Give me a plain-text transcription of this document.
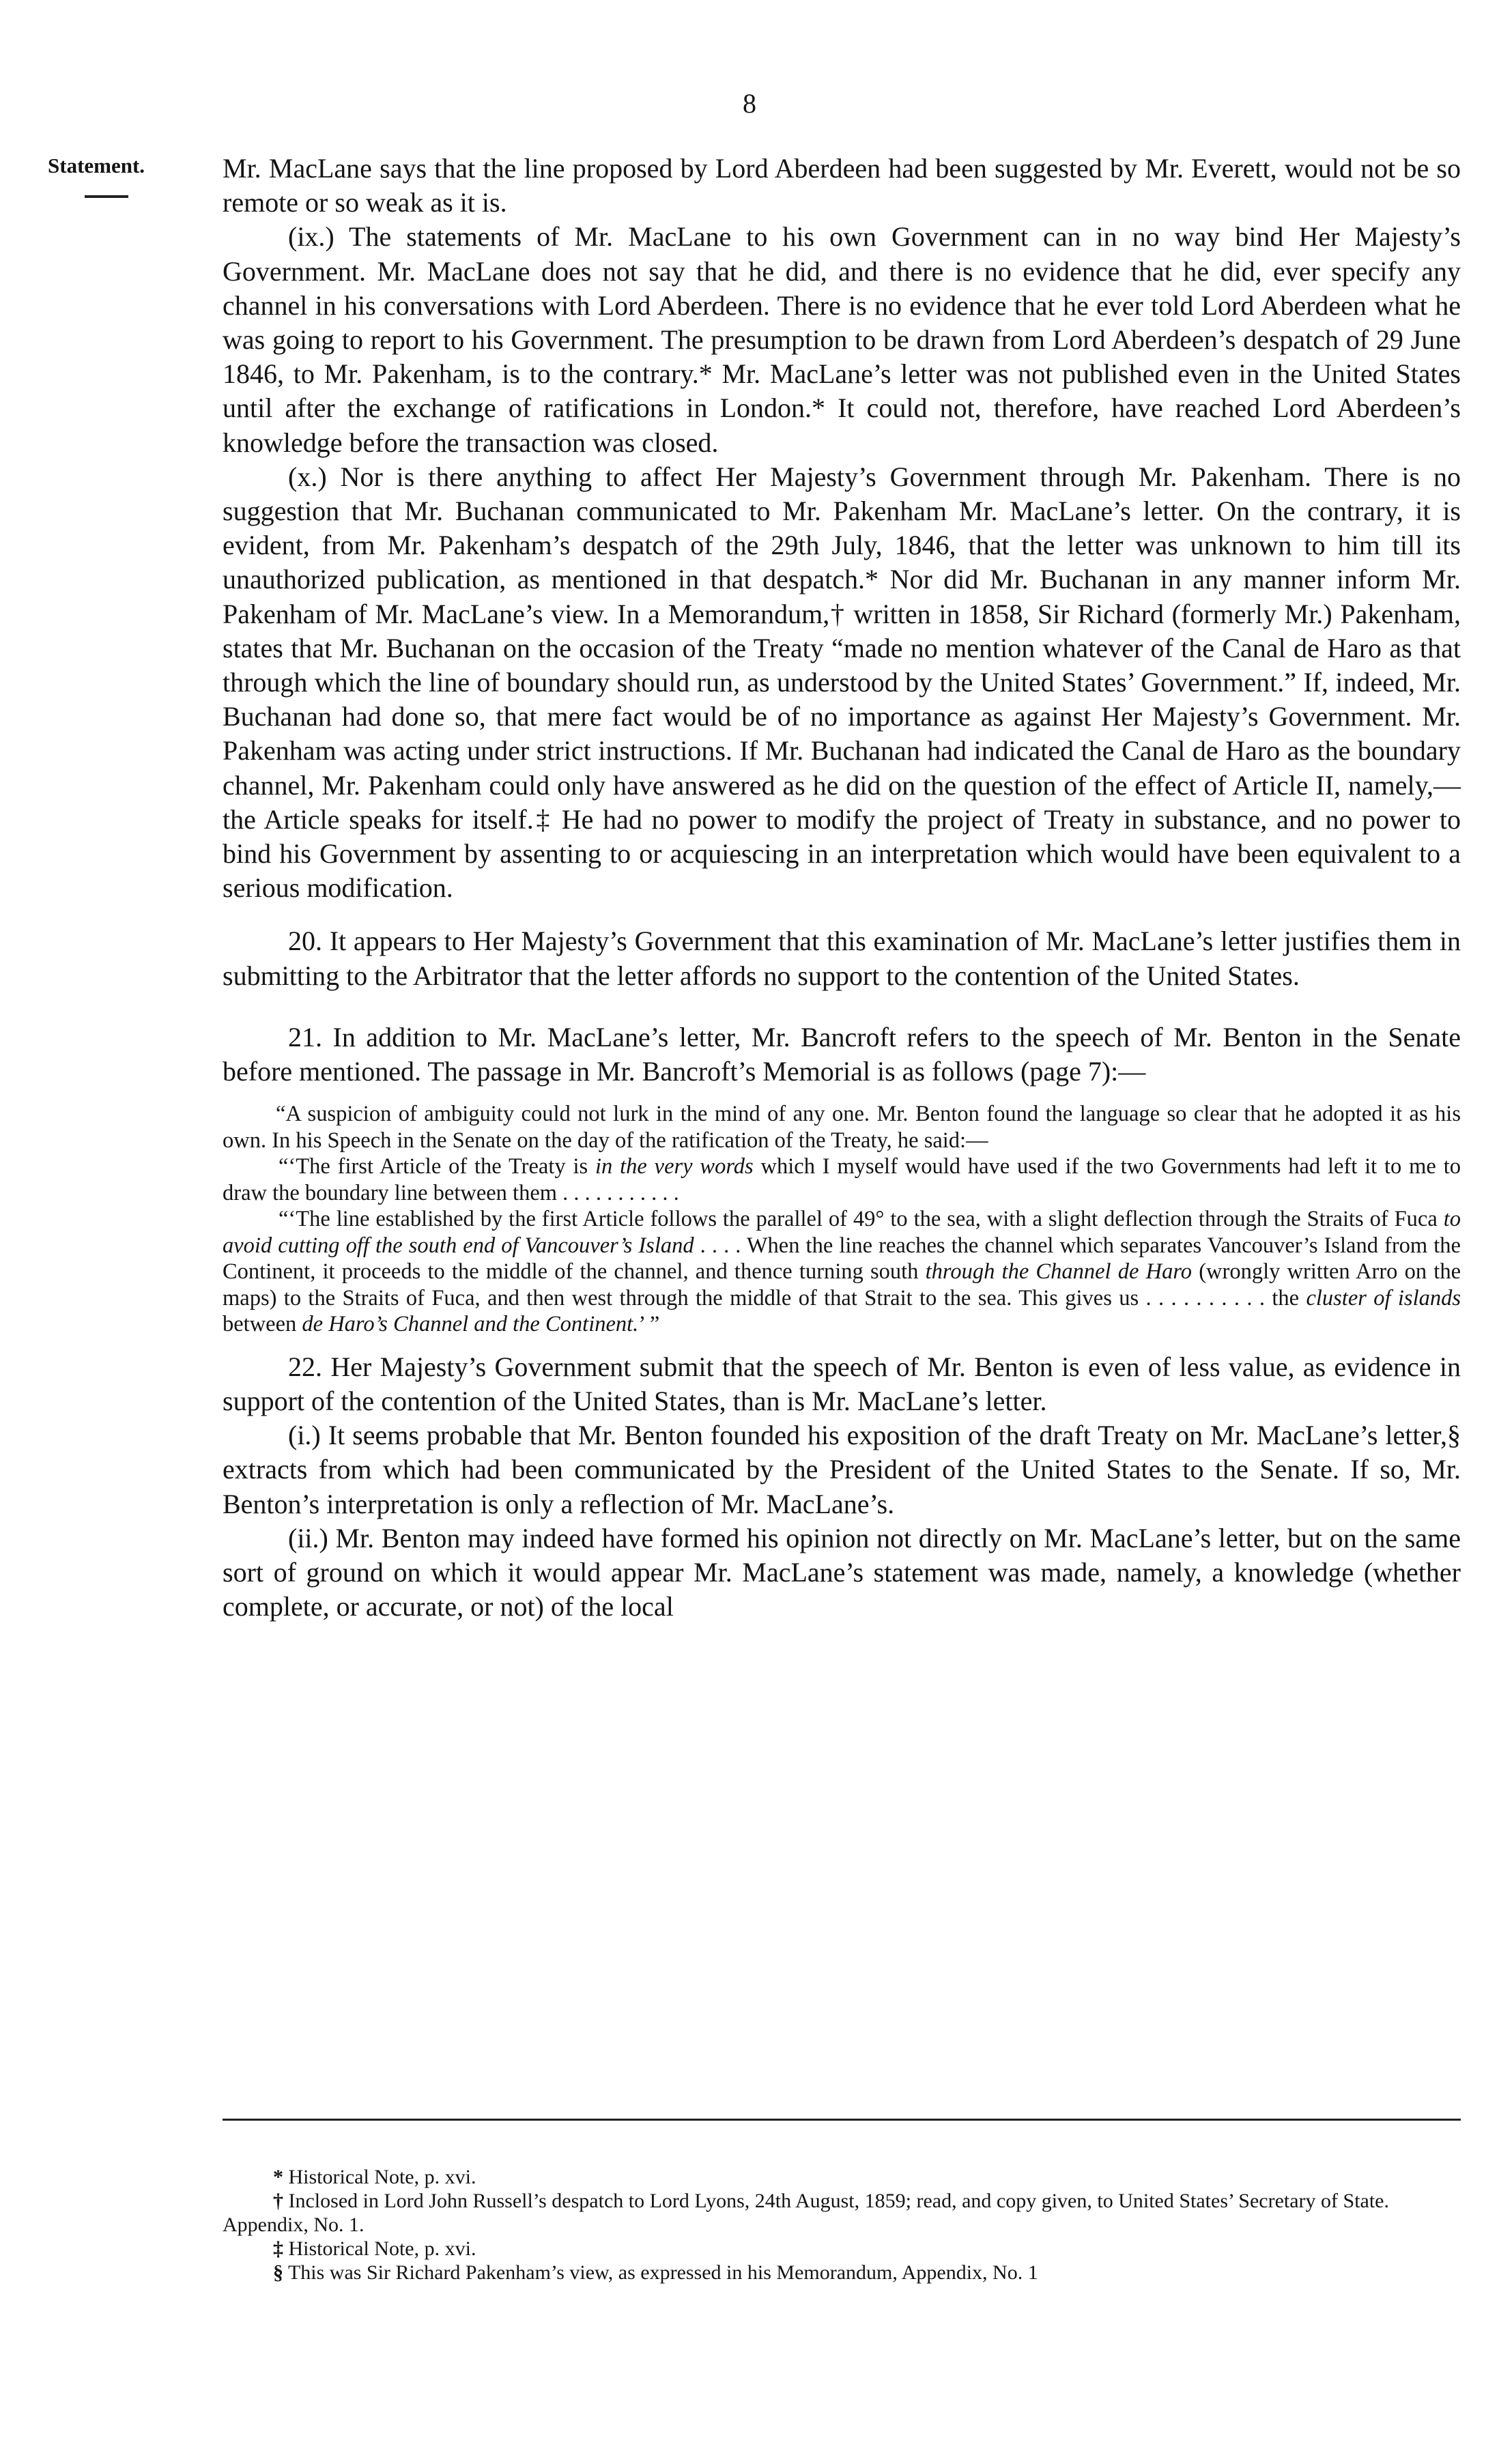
8
Statement.	Mr. MacLane says that the line proposed by Lord Aberdeen had been suggested by Mr. Everett, would not be so remote or so weak as it is.

(ix.) The statements of Mr. MacLane to his own Government can in no way bind Her Majesty’s Government. Mr. MacLane does not say that he did, and there is no evidence that he did, ever specify any channel in his conversations with Lord Aberdeen. There is no evidence that he ever told Lord Aberdeen what he was going to report to his Government. The presumption to be drawn from Lord Aberdeen’s despatch of 29 June 1846, to Mr. Pakenham, is to the contrary.* Mr. MacLane’s letter was not published even in the United States until after the exchange of ratifications in London.* It could not, therefore, have reached Lord Aberdeen’s knowledge before the transaction was closed.

(x.) Nor is there anything to affect Her Majesty’s Government through Mr. Pakenham. There is no suggestion that Mr. Buchanan communicated to Mr. Pakenham Mr. MacLane’s letter. On the contrary, it is evident, from Mr. Pakenham’s despatch of the 29th July, 1846, that the letter was unknown to him till its unauthorized publication, as mentioned in that despatch.* Nor did Mr. Buchanan in any manner inform Mr. Pakenham of Mr. MacLane’s view. In a Memorandum,† written in 1858, Sir Richard (formerly Mr.) Pakenham, states that Mr. Buchanan on the occasion of the Treaty “made no mention whatever of the Canal de Haro as that through which the line of boundary should run, as understood by the United States’ Government.” If, indeed, Mr. Buchanan had done so, that mere fact would be of no importance as against Her Majesty’s Government. Mr. Pakenham was acting under strict instructions. If Mr. Buchanan had indicated the Canal de Haro as the boundary channel, Mr. Pakenham could only have answered as he did on the question of the effect of Article II, namely,—the Article speaks for itself.‡ He had no power to modify the project of Treaty in substance, and no power to bind his Government by assenting to or acquiescing in an interpretation which would have been equivalent to a serious modification.

20. It appears to Her Majesty’s Government that this examination of Mr. MacLane’s letter justifies them in submitting to the Arbitrator that the letter affords no support to the contention of the United States.

21. In addition to Mr. MacLane’s letter, Mr. Bancroft refers to the speech of Mr. Benton in the Senate before mentioned. The passage in Mr. Bancroft’s Memorial is as follows (page 7):—

“A suspicion of ambiguity could not lurk in the mind of any one. Mr. Benton found the language so clear that he adopted it as his own. In his Speech in the Senate on the day of the ratification of the Treaty, he said:—

“‘The first Article of the Treaty is in the very words which I myself would have used if the two Governments had left it to me to draw the boundary line between them . . . . . . . . . . .

“‘The line established by the first Article follows the parallel of 49° to the sea, with a slight deflection through the Straits of Fuca to avoid cutting off the south end of Vancouver’s Island . . . . When the line reaches the channel which separates Vancouver’s Island from the Continent, it proceeds to the middle of the channel, and thence turning south through the Channel de Haro (wrongly written Arro on the maps) to the Straits of Fuca, and then west through the middle of that Strait to the sea. This gives us . . . . . . . . . . the cluster of islands between de Haro’s Channel and the Continent.’ ”

22. Her Majesty’s Government submit that the speech of Mr. Benton is even of less value, as evidence in support of the contention of the United States, than is Mr. MacLane’s letter.

(i.) It seems probable that Mr. Benton founded his exposition of the draft Treaty on Mr. MacLane’s letter,§ extracts from which had been communicated by the President of the United States to the Senate. If so, Mr. Benton’s interpretation is only a reflection of Mr. MacLane’s.

(ii.) Mr. Benton may indeed have formed his opinion not directly on Mr. MacLane’s letter, but on the same sort of ground on which it would appear Mr. MacLane’s statement was made, namely, a knowledge (whether complete, or accurate, or not) of the local

* Historical Note, p. xvi.

† Inclosed in Lord John Russell’s despatch to Lord Lyons, 24th August, 1859; read, and copy given, to United States’ Secretary of State. Appendix, No. 1.

‡ Historical Note, p. xvi.

§ This was Sir Richard Pakenham’s view, as expressed in his Memorandum, Appendix, No. 1
